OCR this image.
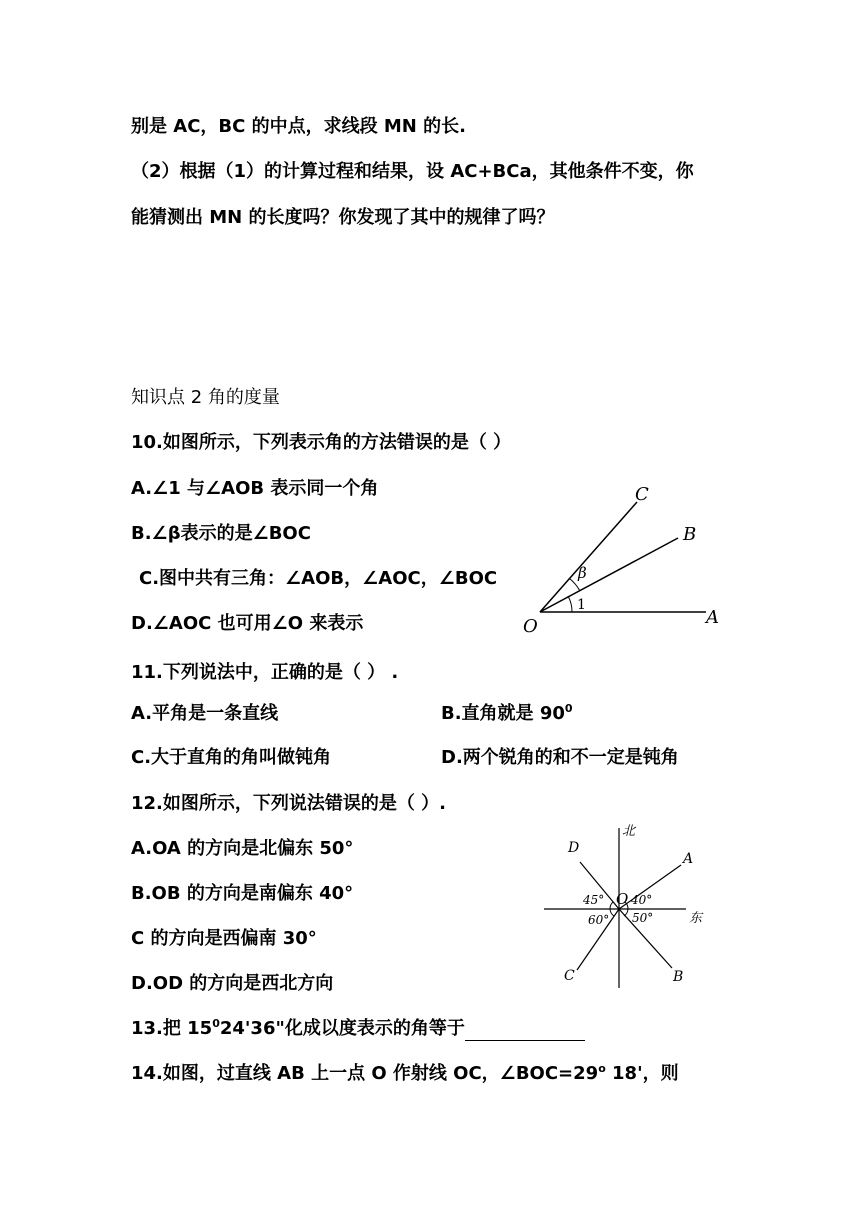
别是 AC，BC 的中点，求线段 MN 的长.
（2）根据（1）的计算过程和结果，设 AC+BCa，其他条件不变，你
能猜测出 MN 的长度吗？你发现了其中的规律了吗？
知识点 2 角的度量
10.如图所示，下列表示角的方法错误的是（ ）
A.∠1 与∠AOB 表示同一个角
B.∠β表示的是∠BOC
C.图中共有三角：∠AOB，∠AOC，∠BOC
D.∠AOC 也可用∠O 来表示
C
B
A
O
β
1
11.下列说法中，正确的是（ ） .
A.平角是一条直线	B.直角就是 $90^0$
C.大于直角的角叫做钝角	D.两个锐角的和不一定是钝角
12.如图所示，下列说法错误的是（ ）.
A.OA 的方向是北偏东 50°
B.OB 的方向是南偏东 40°
C 的方向是西偏南 30°
D.OD 的方向是西北方向
北
东
O
A
B
C
D
45° 40°
60° 50°
13.把 $15^024'36$"化成以度表示的角等于
14.如图，过直线 AB 上一点 O 作射线 OC，$\angle BOC=29^o$ 18'，则
